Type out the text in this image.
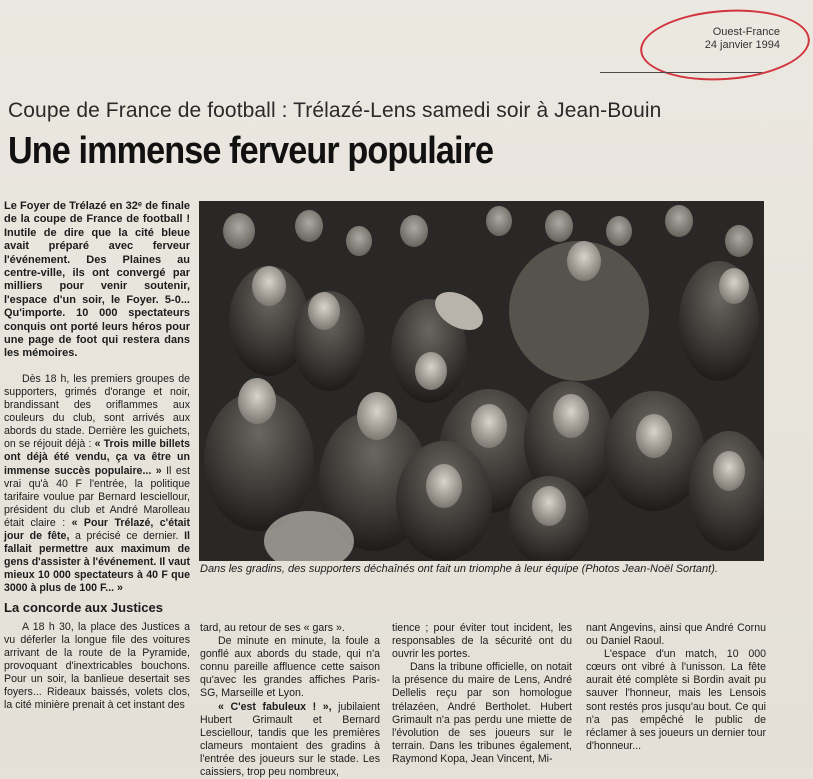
Ouest-France
24 janvier 1994
Coupe de France de football : Trélazé-Lens samedi soir à Jean-Bouin
Une immense ferveur populaire

Le Foyer de Trélazé en 32ᵉ de finale de la coupe de France de football ! Inutile de dire que la cité bleue avait préparé avec ferveur l'événement. Des Plaines au centre-ville, ils ont convergé par milliers pour venir soutenir, l'espace d'un soir, le Foyer. 5-0... Qu'importe. 10 000 spectateurs conquis ont porté leurs héros pour une page de foot qui restera dans les mémoires.

Dès 18 h, les premiers groupes de supporters, grimés d'orange et noir, brandissant des oriflammes aux couleurs du club, sont arrivés aux abords du stade. Derrière les guichets, on se réjouit déjà : « Trois mille billets ont déjà été vendu, ça va être un immense succès populaire... » Il est vrai qu'à 40 F l'entrée, la politique tarifaire voulue par Bernard Iesciellour, président du club et André Marolleau était claire : « Pour Trélazé, c'était jour de fête, a précisé ce dernier. Il fallait permettre aux maximum de gens d'assister à l'événement. Il vaut mieux 10 000 spectateurs à 40 F que 3000 à plus de 100 F... »

La concorde aux Justices

A 18 h 30, la place des Justices a vu déferler la longue file des voitures arrivant de la route de la Pyramide, provoquant d'inextricables bouchons. Pour un soir, la banlieue desertait ses foyers... Rideaux baissés, volets clos, la cité minière prenait à cet instant des

Dans les gradins, des supporters déchaînés ont fait un triomphe à leur équipe (Photos Jean-Noël Sortant).

tard, au retour de ses « gars ».

De minute en minute, la foule a gonflé aux abords du stade, qui n'a connu pareille affluence cette saison qu'avec les grandes affiches Paris-SG, Marseille et Lyon.

« C'est fabuleux ! », jubilaient Hubert Grimault et Bernard Lesciellour, tandis que les premières clameurs montaient des gradins à l'entrée des joueurs sur le stade. Les caissiers, trop peu nombreux,

tience ; pour éviter tout incident, les responsables de la sécurité ont du ouvrir les portes.

Dans la tribune officielle, on notait la présence du maire de Lens, André Dellelis reçu par son homologue trélazéen, André Bertholet. Hubert Grimault n'a pas perdu une miette de l'évolution de ses joueurs sur le terrain. Dans les tribunes également, Raymond Kopa, Jean Vincent, Mi-

nant Angevins, ainsi que André Cornu ou Daniel Raoul.

L'espace d'un match, 10 000 cœurs ont vibré à l'unisson. La fête aurait été complète si Bordin avait pu sauver l'honneur, mais les Lensois sont restés pros jusqu'au bout. Ce qui n'a pas empêché le public de réclamer à ses joueurs un dernier tour d'honneur...
